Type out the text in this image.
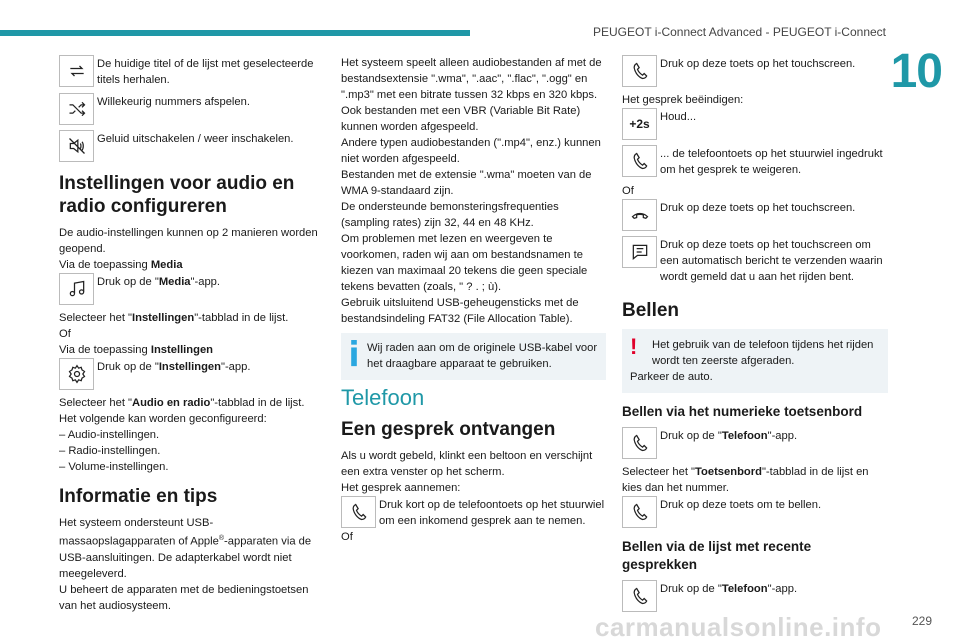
PEUGEOT i-Connect Advanced - PEUGEOT i-Connect
10
De huidige titel of de lijst met geselecteerde titels herhalen.
Willekeurig nummers afspelen.
Geluid uitschakelen / weer inschakelen.
Instellingen voor audio en radio configureren

De audio-instellingen kunnen op 2 manieren worden geopend.

Via de toepassing Media

Druk op de "Media"-app.

Selecteer het "Instellingen"-tabblad in de lijst.

Of

Via de toepassing Instellingen

Druk op de "Instellingen"-app.

Selecteer het "Audio en radio"-tabblad in de lijst.

Het volgende kan worden geconfigureerd:

– Audio-instellingen.

– Radio-instellingen.

– Volume-instellingen.

Informatie en tips

Het systeem ondersteunt USB-massaopslagapparaten of Apple®-apparaten via de USB-aansluitingen. De adapterkabel wordt niet meegeleverd.

U beheert de apparaten met de bedieningstoetsen van het audiosysteem.

Het systeem speelt alleen audiobestanden af met de bestandsextensie ".wma", ".aac", ".flac", ".ogg" en ".mp3" met een bitrate tussen 32 kbps en 320 kbps.

Ook bestanden met een VBR (Variable Bit Rate) kunnen worden afgespeeld.

Andere typen audiobestanden (".mp4", enz.) kunnen niet worden afgespeeld.

Bestanden met de extensie ".wma" moeten van de WMA 9-standaard zijn.

De ondersteunde bemonsteringsfrequenties (sampling rates) zijn 32, 44 en 48 KHz.

Om problemen met lezen en weergeven te voorkomen, raden wij aan om bestandsnamen te kiezen van maximaal 20 tekens die geen speciale tekens bevatten (zoals, " ? . ; ù).

Gebruik uitsluitend USB-geheugensticks met de bestandsindeling FAT32 (File Allocation Table).

Wij raden aan om de originele USB-kabel voor het draagbare apparaat te gebruiken.
Telefoon
Een gesprek ontvangen

Als u wordt gebeld, klinkt een beltoon en verschijnt een extra venster op het scherm.

Het gesprek aannemen:

Druk kort op de telefoontoets op het stuurwiel om een inkomend gesprek aan te nemen.

Of

Druk op deze toets op het touchscreen.

Het gesprek beëindigen:

+2s Houd...
... de telefoontoets op het stuurwiel ingedrukt om het gesprek te weigeren.

Of

Druk op deze toets op het touchscreen.
Druk op deze toets op het touchscreen om een automatisch bericht te verzenden waarin wordt gemeld dat u aan het rijden bent.
Bellen
! Het gebruik van de telefoon tijdens het rijden wordt ten zeerste afgeraden.
Parkeer de auto.
Bellen via het numerieke toetsenbord
Druk op de "Telefoon"-app.

Selecteer het "Toetsenbord"-tabblad in de lijst en kies dan het nummer.

Druk op deze toets om te bellen.
Bellen via de lijst met recente gesprekken
Druk op de "Telefoon"-app.
carmanualsonline.info	229
